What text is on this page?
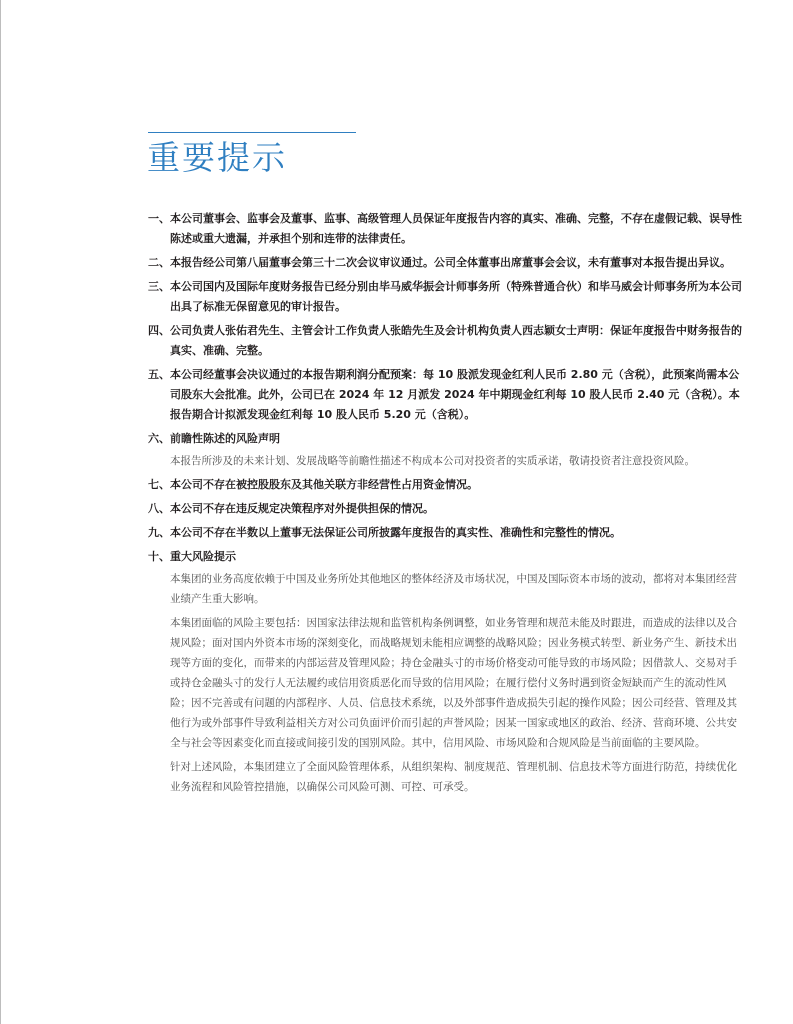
重要提示
一、 本公司董事会、监事会及董事、监事、高级管理人员保证年度报告内容的真实、准确、完整，不存在虚假记载、误导性陈述或重大遗漏，并承担个别和连带的法律责任。
二、 本报告经公司第八届董事会第三十二次会议审议通过。公司全体董事出席董事会会议，未有董事对本报告提出异议。
三、 本公司国内及国际年度财务报告已经分别由毕马威华振会计师事务所（特殊普通合伙）和毕马威会计师事务所为本公司出具了标准无保留意见的审计报告。
四、 公司负责人张佑君先生、主管会计工作负责人张皓先生及会计机构负责人西志颖女士声明：保证年度报告中财务报告的真实、准确、完整。
五、 本公司经董事会决议通过的本报告期利润分配预案：每 10 股派发现金红利人民币 2.80 元（含税），此预案尚需本公司股东大会批准。此外，公司已在 2024 年 12 月派发 2024 年中期现金红利每 10 股人民币 2.40 元（含税）。本报告期合计拟派发现金红利每 10 股人民币 5.20 元（含税）。
六、 前瞻性陈述的风险声明
本报告所涉及的未来计划、发展战略等前瞻性描述不构成本公司对投资者的实质承诺，敬请投资者注意投资风险。
七、 本公司不存在被控股股东及其他关联方非经营性占用资金情况。
八、 本公司不存在违反规定决策程序对外提供担保的情况。
九、 本公司不存在半数以上董事无法保证公司所披露年度报告的真实性、准确性和完整性的情况。
十、 重大风险提示
本集团的业务高度依赖于中国及业务所处其他地区的整体经济及市场状况，中国及国际资本市场的波动，都将对本集团经营业绩产生重大影响。
本集团面临的风险主要包括：因国家法律法规和监管机构条例调整，如业务管理和规范未能及时跟进，而造成的法律以及合规风险；面对国内外资本市场的深刻变化，而战略规划未能相应调整的战略风险；因业务模式转型、新业务产生、新技术出现等方面的变化，而带来的内部运营及管理风险；持仓金融头寸的市场价格变动可能导致的市场风险；因借款人、交易对手或持仓金融头寸的发行人无法履约或信用资质恶化而导致的信用风险；在履行偿付义务时遇到资金短缺而产生的流动性风险；因不完善或有问题的内部程序、人员、信息技术系统，以及外部事件造成损失引起的操作风险；因公司经营、管理及其他行为或外部事件导致利益相关方对公司负面评价而引起的声誉风险；因某一国家或地区的政治、经济、营商环境、公共安全与社会等因素变化而直接或间接引发的国别风险。其中，信用风险、市场风险和合规风险是当前面临的主要风险。
针对上述风险，本集团建立了全面风险管理体系，从组织架构、制度规范、管理机制、信息技术等方面进行防范，持续优化业务流程和风险管控措施，以确保公司风险可测、可控、可承受。
